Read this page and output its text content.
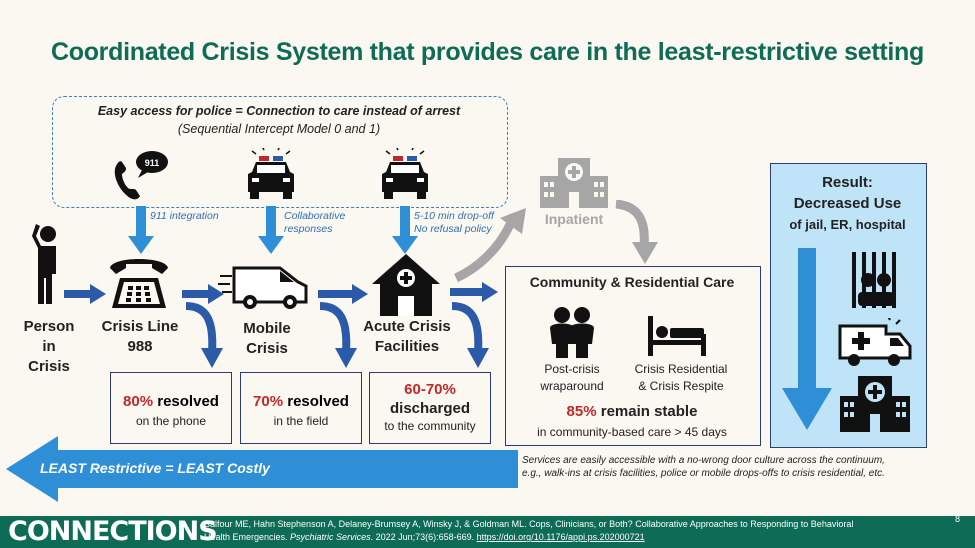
Coordinated Crisis System that provides care in the least-restrictive setting
Easy access for police = Connection to care instead of arrest
(Sequential Intercept Model 0 and 1)
911
911 integration	Collaborative
responses
5-10 min drop-off
No refusal policy
Person
in
Crisis
Crisis Line
988
Mobile
Crisis
Acute Crisis
Facilities
Inpatient
80% resolved
on the phone
70% resolved
in the field
60-70%
discharged
to the community
Community & Residential Care
Post-crisis
wraparound
Crisis Residential
& Crisis Respite
85% remain stable
in community-based care > 45 days
Result:
Decreased Use
of jail, ER, hospital
LEAST Restrictive = LEAST Costly	Services are easily accessible with a no-wrong door culture across the continuum,
e.g., walk-ins at crisis facilities, police or mobile drops-offs to crisis residential, etc.
CONNECTIONS
Balfour ME, Hahn Stephenson A, Delaney-Brumsey A, Winsky J, & Goldman ML. Cops, Clinicians, or Both? Collaborative Approaches to Responding to Behavioral
Health Emergencies. Psychiatric Services. 2022 Jun;73(6):658-669. https://doi.org/10.1176/appi.ps.202000721
8
